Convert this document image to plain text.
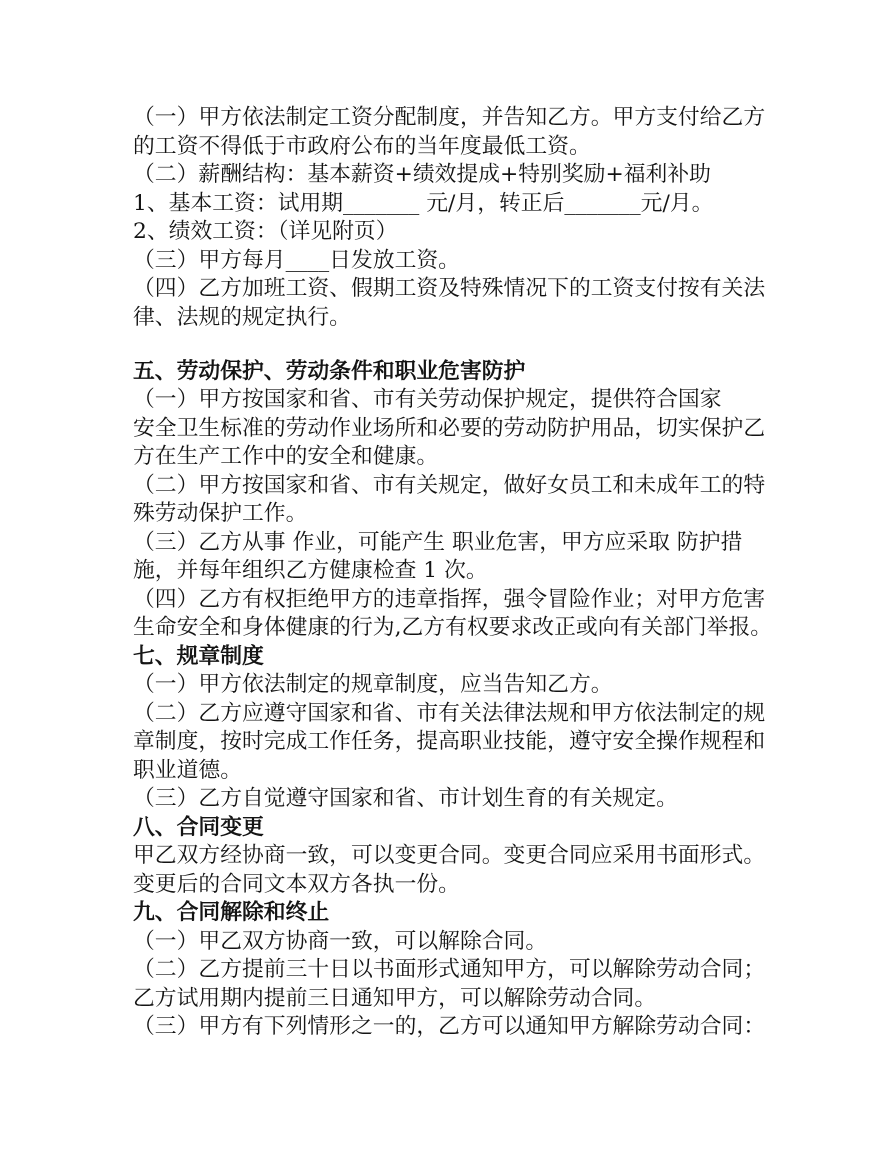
（一）甲方依法制定工资分配制度，并告知乙方。甲方支付给乙方
的工资不得低于市政府公布的当年度最低工资。
（二）薪酬结构：基本薪资+绩效提成+特别奖励+福利补助
1、基本工资：试用期_______ 元/月，转正后_______元/月。
2、绩效工资：（详见附页）
（三）甲方每月____日发放工资。
（四）乙方加班工资、假期工资及特殊情况下的工资支付按有关法
律、法规的规定执行。
五、劳动保护、劳动条件和职业危害防护
（一）甲方按国家和省、市有关劳动保护规定，提供符合国家
安全卫生标准的劳动作业场所和必要的劳动防护用品，切实保护乙
方在生产工作中的安全和健康。
（二）甲方按国家和省、市有关规定，做好女员工和未成年工的特
殊劳动保护工作。
（三）乙方从事 作业，可能产生 职业危害，甲方应采取 防护措
施，并每年组织乙方健康检查 1 次。
（四）乙方有权拒绝甲方的违章指挥，强令冒险作业；对甲方危害
生命安全和身体健康的行为,乙方有权要求改正或向有关部门举报。
七、规章制度
（一）甲方依法制定的规章制度，应当告知乙方。
（二）乙方应遵守国家和省、市有关法律法规和甲方依法制定的规
章制度，按时完成工作任务，提高职业技能，遵守安全操作规程和
职业道德。
（三）乙方自觉遵守国家和省、市计划生育的有关规定。
八、合同变更
甲乙双方经协商一致，可以变更合同。变更合同应采用书面形式。
变更后的合同文本双方各执一份。
九、合同解除和终止
（一）甲乙双方协商一致，可以解除合同。
（二）乙方提前三十日以书面形式通知甲方，可以解除劳动合同；
乙方试用期内提前三日通知甲方，可以解除劳动合同。
（三）甲方有下列情形之一的，乙方可以通知甲方解除劳动合同：
